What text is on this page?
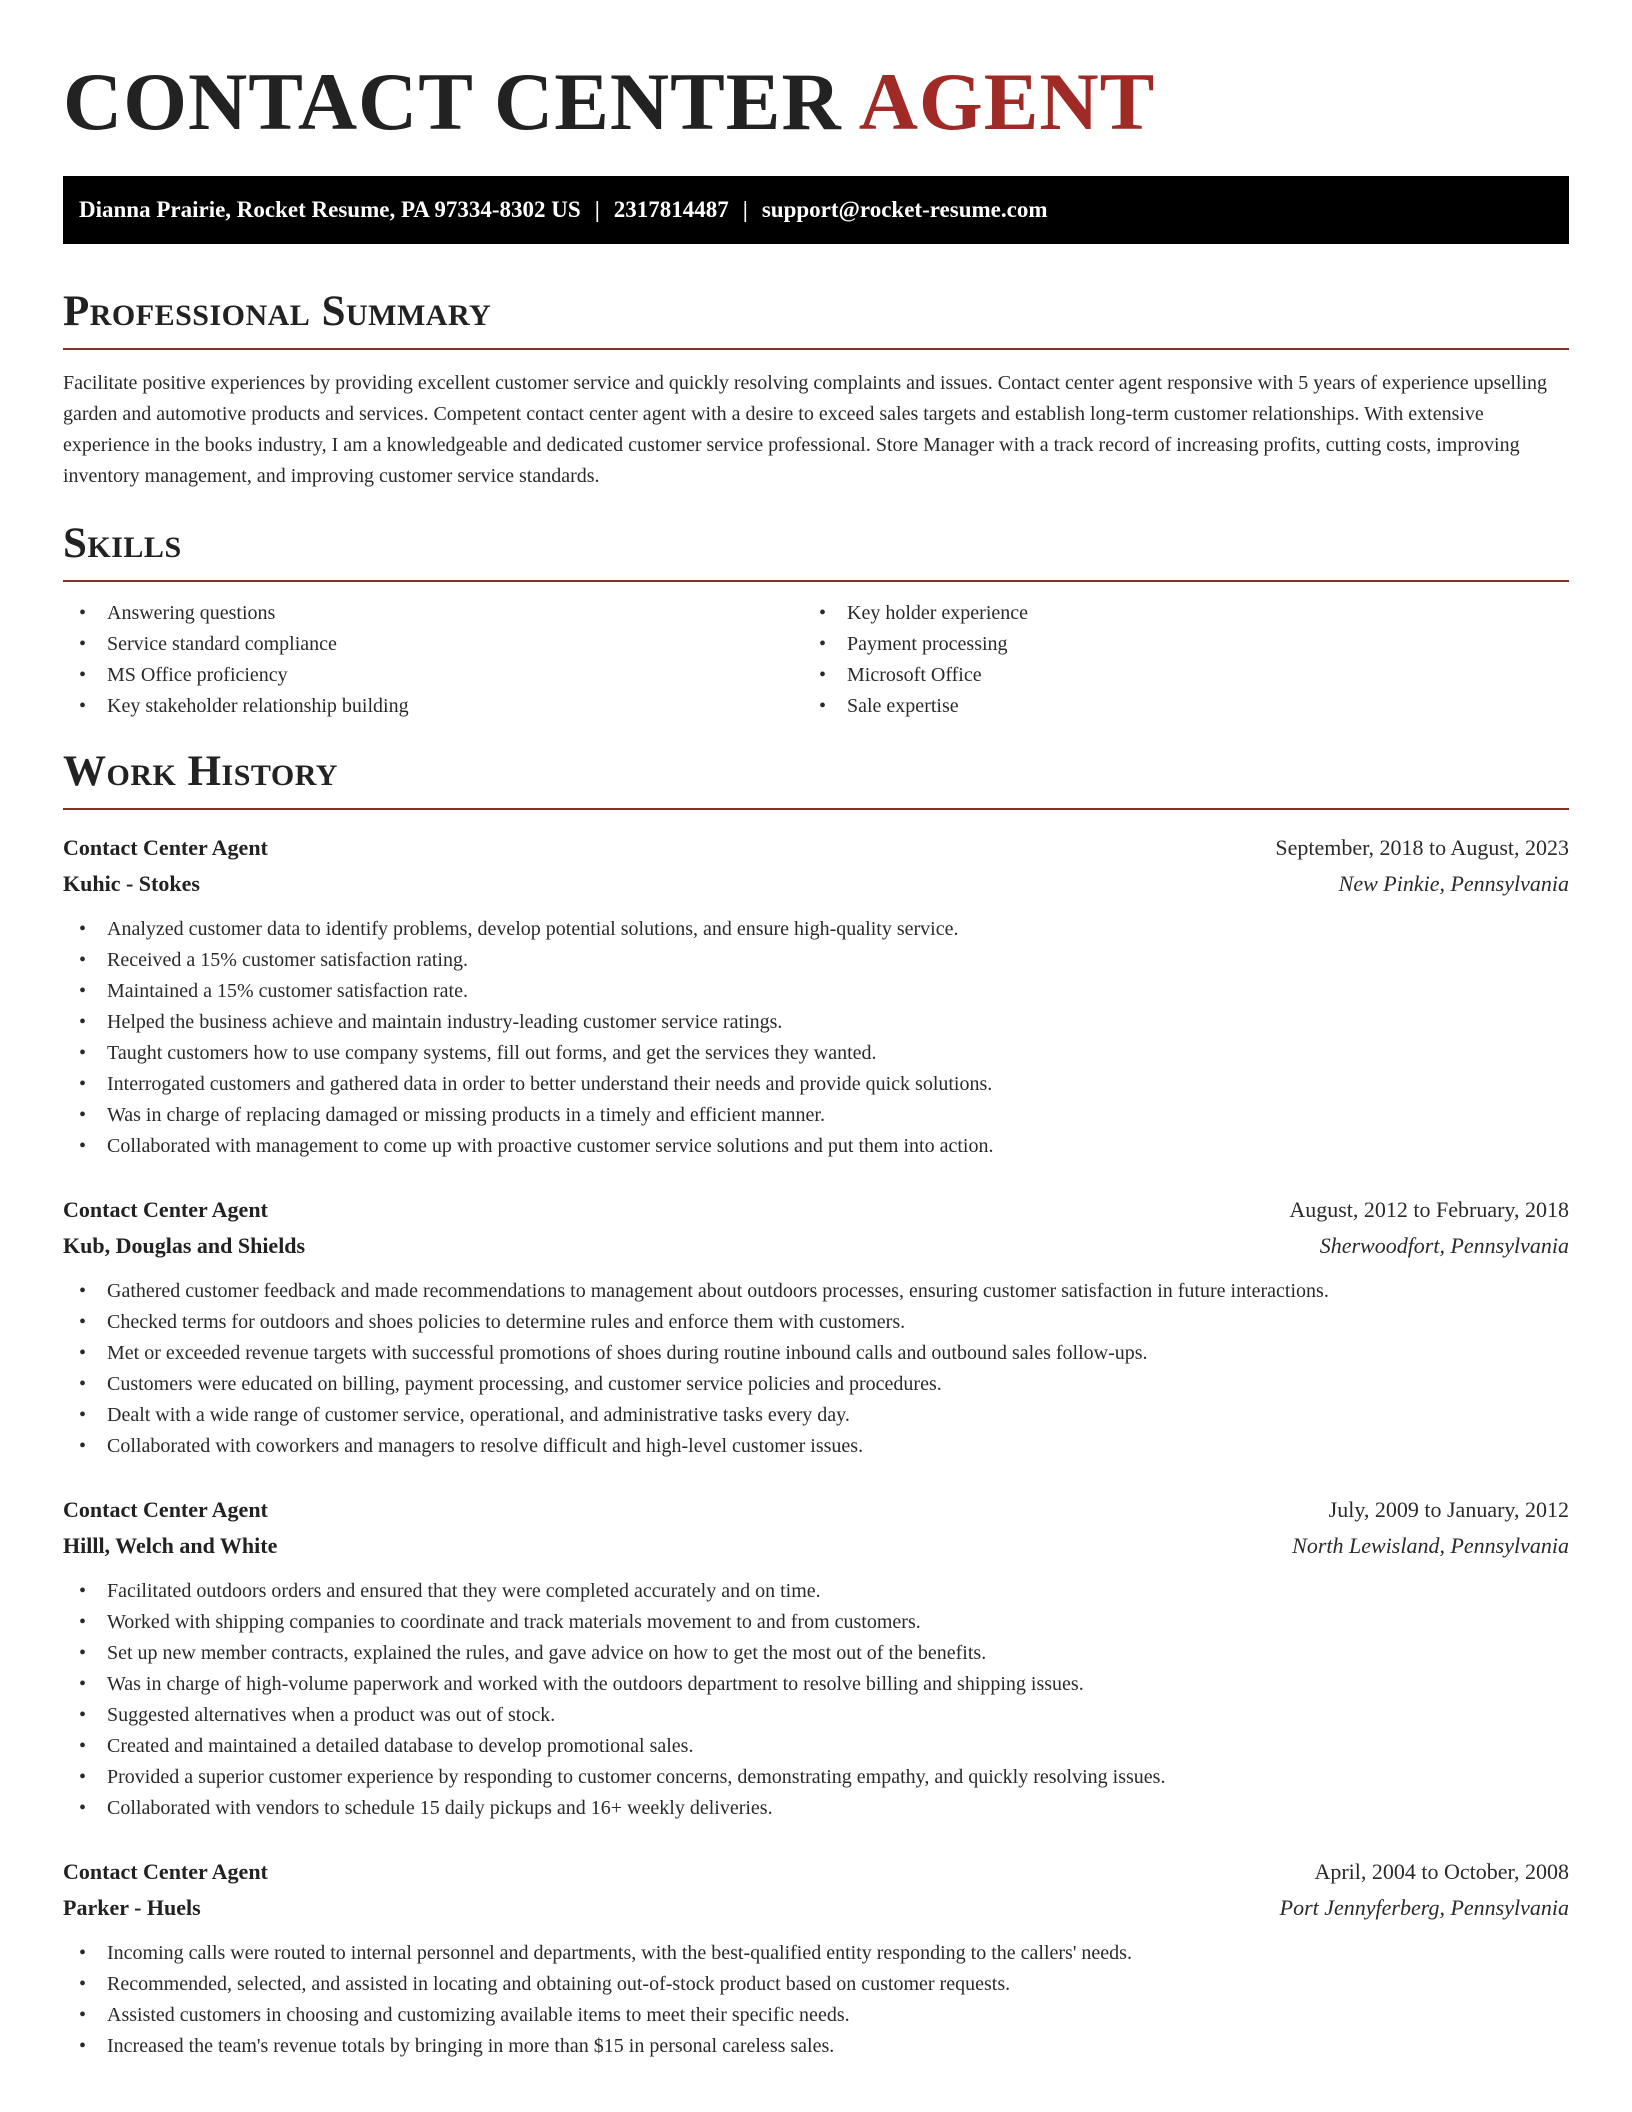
CONTACT CENTER AGENT
Dianna Prairie, Rocket Resume, PA 97334-8302 US | 2317814487 | support@rocket-resume.com
Professional Summary

Facilitate positive experiences by providing excellent customer service and quickly resolving complaints and issues. Contact center agent responsive with 5 years of experience upselling garden and automotive products and services. Competent contact center agent with a desire to exceed sales targets and establish long-term customer relationships. With extensive experience in the books industry, I am a knowledgeable and dedicated customer service professional. Store Manager with a track record of increasing profits, cutting costs, improving inventory management, and improving customer service standards.

Skills
• Answering questions
• Service standard compliance
• MS Office proficiency
• Key stakeholder relationship building
• Key holder experience
• Payment processing
• Microsoft Office
• Sale expertise
Work History
Contact Center Agent	September, 2018 to August, 2023
Kuhic - Stokes	New Pinkie, Pennsylvania
• Analyzed customer data to identify problems, develop potential solutions, and ensure high-quality service.
• Received a 15% customer satisfaction rating.
• Maintained a 15% customer satisfaction rate.
• Helped the business achieve and maintain industry-leading customer service ratings.
• Taught customers how to use company systems, fill out forms, and get the services they wanted.
• Interrogated customers and gathered data in order to better understand their needs and provide quick solutions.
• Was in charge of replacing damaged or missing products in a timely and efficient manner.
• Collaborated with management to come up with proactive customer service solutions and put them into action.
Contact Center Agent	August, 2012 to February, 2018
Kub, Douglas and Shields	Sherwoodfort, Pennsylvania
• Gathered customer feedback and made recommendations to management about outdoors processes, ensuring customer satisfaction in future interactions.
• Checked terms for outdoors and shoes policies to determine rules and enforce them with customers.
• Met or exceeded revenue targets with successful promotions of shoes during routine inbound calls and outbound sales follow-ups.
• Customers were educated on billing, payment processing, and customer service policies and procedures.
• Dealt with a wide range of customer service, operational, and administrative tasks every day.
• Collaborated with coworkers and managers to resolve difficult and high-level customer issues.
Contact Center Agent	July, 2009 to January, 2012
Hilll, Welch and White	North Lewisland, Pennsylvania
• Facilitated outdoors orders and ensured that they were completed accurately and on time.
• Worked with shipping companies to coordinate and track materials movement to and from customers.
• Set up new member contracts, explained the rules, and gave advice on how to get the most out of the benefits.
• Was in charge of high-volume paperwork and worked with the outdoors department to resolve billing and shipping issues.
• Suggested alternatives when a product was out of stock.
• Created and maintained a detailed database to develop promotional sales.
• Provided a superior customer experience by responding to customer concerns, demonstrating empathy, and quickly resolving issues.
• Collaborated with vendors to schedule 15 daily pickups and 16+ weekly deliveries.
Contact Center Agent	April, 2004 to October, 2008
Parker - Huels	Port Jennyferberg, Pennsylvania
• Incoming calls were routed to internal personnel and departments, with the best-qualified entity responding to the callers' needs.
• Recommended, selected, and assisted in locating and obtaining out-of-stock product based on customer requests.
• Assisted customers in choosing and customizing available items to meet their specific needs.
• Increased the team's revenue totals by bringing in more than $15 in personal careless sales.
